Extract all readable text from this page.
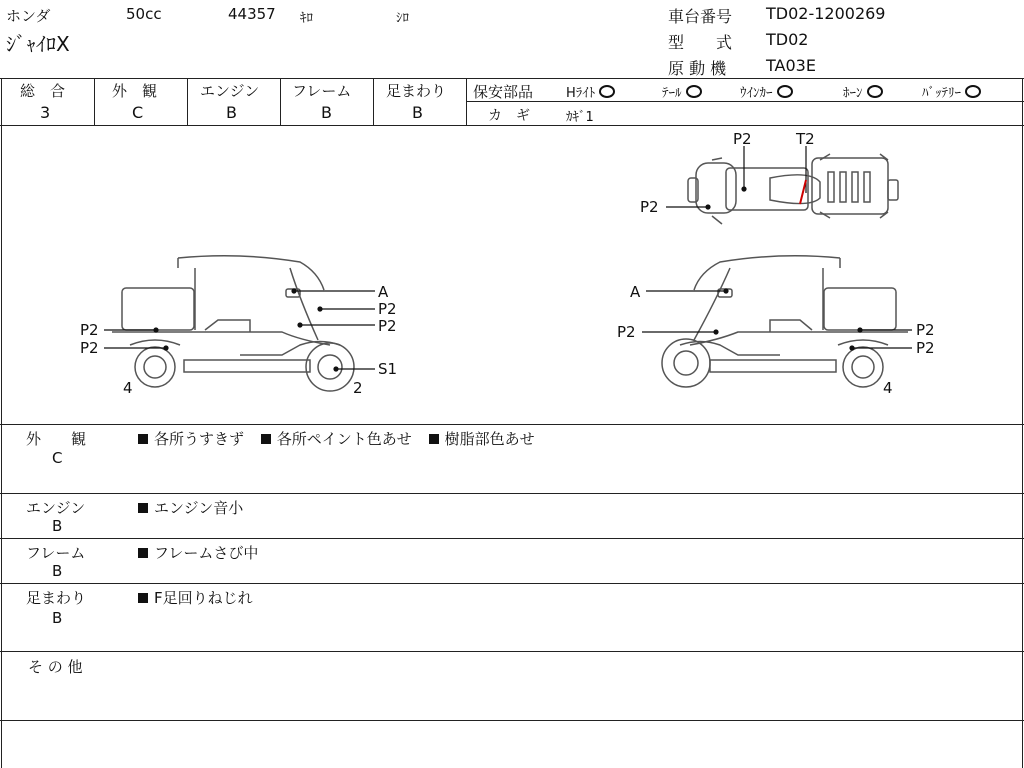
ホンダ	50cc	44357 ｷﾛ	ｼﾛ
ｼﾞｬｲﾛX
車台番号 TD02-1200269
型　　式 TD02
原 動 機 TA03E
総　合
3
外　観
C
エンジン
B
フレーム
B
足まわり
B
保安部品	Hﾗｲﾄ	ﾃｰﾙ	ｳｲﾝｶｰ	ﾎｰﾝ	ﾊﾞｯﾃﾘｰ
カ　ギ	ｶｷﾞ1
P2	T2
P2
A
P2
P2
P2
P2
S1
4	2
A
P2	P2
P2
4
外　　観
C
各所うすきず 各所ペイント色あせ 樹脂部色あせ
エンジン
B
エンジン音小
フレーム
B
フレームさび中
足まわり
B
F足回りねじれ
そ の 他
